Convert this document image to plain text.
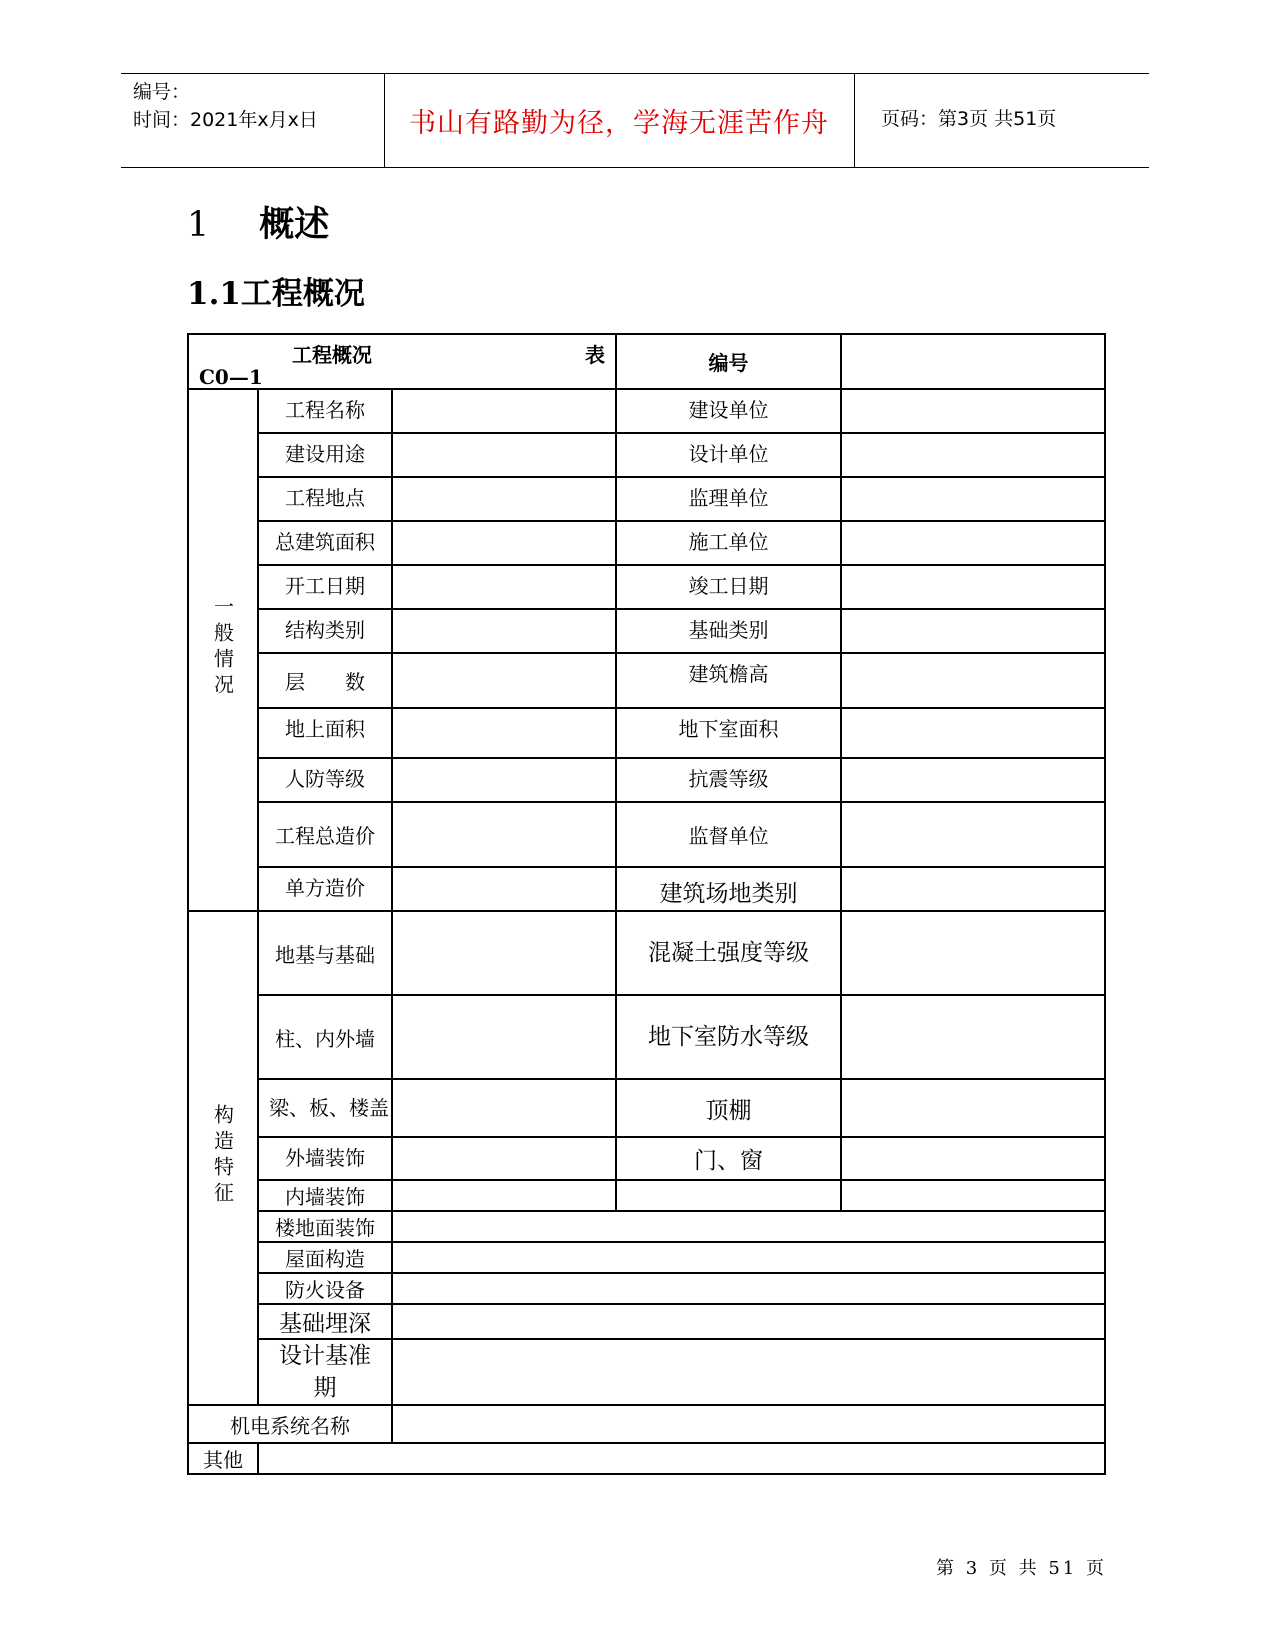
编号：
时间：2021年x月x日	书山有路勤为径，学海无涯苦作舟	页码：第3页 共51页
1 概述
1.1工程概况
工程概况 表
C0—1			编号	
一般情况	工程名称		建设单位	
	建设用途		设计单位	
	工程地点		监理单位	
	总建筑面积		施工单位	
	开工日期		竣工日期	
	结构类别		基础类别	
	层　　数		建筑檐高	
	地上面积		地下室面积	
	人防等级		抗震等级	
	工程总造价		监督单位	
	单方造价		建筑场地类别	
构造特征	地基与基础		混凝土强度等级	
	柱、内外墙		地下室防水等级	
	梁、板、楼盖		顶棚	
	外墙装饰		门、窗	
	内墙装饰			
	楼地面装饰			
	屋面构造			
	防火设备			
	基础埋深			
	设计基准期			
机电系统名称				
其他				
第 3 页 共 51 页
